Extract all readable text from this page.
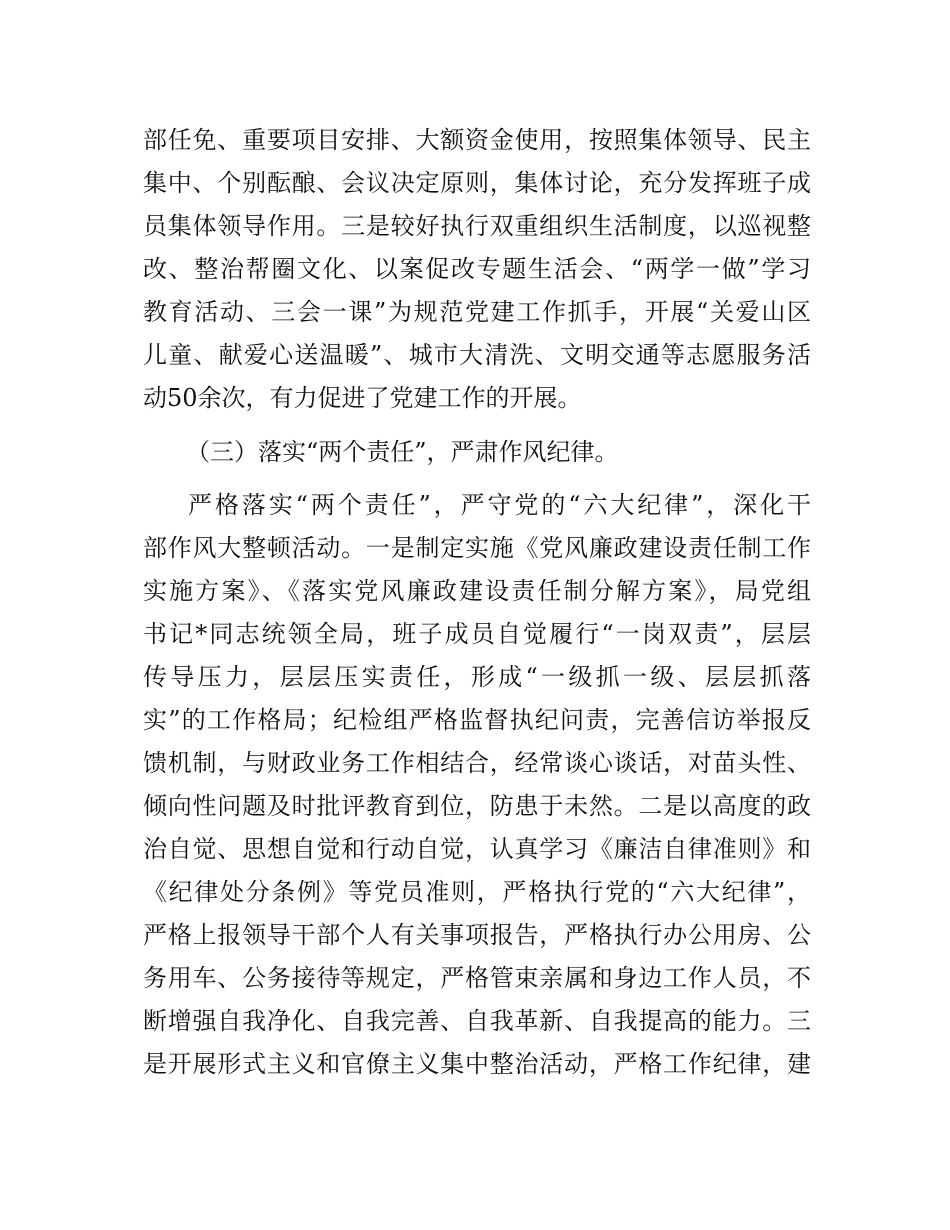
部任免、重要项目安排、大额资金使用，按照集体领导、民主
集中、个别酝酿、会议决定原则，集体讨论，充分发挥班子成
员集体领导作用。三是较好执行双重组织生活制度，以巡视整
改、整治帮圈文化、以案促改专题生活会、“两学一做”学习
教育活动、三会一课”为规范党建工作抓手，开展“关爱山区
儿童、献爱心送温暖”、城市大清洗、文明交通等志愿服务活
动50余次，有力促进了党建工作的开展。
（三）落实“两个责任”，严肃作风纪律。
严格落实“两个责任”，严守党的“六大纪律”，深化干
部作风大整顿活动。一是制定实施《党风廉政建设责任制工作
实施方案》、《落实党风廉政建设责任制分解方案》，局党组
书记*同志统领全局，班子成员自觉履行“一岗双责”，层层
传导压力，层层压实责任，形成“一级抓一级、层层抓落
实”的工作格局；纪检组严格监督执纪问责，完善信访举报反
馈机制，与财政业务工作相结合，经常谈心谈话，对苗头性、
倾向性问题及时批评教育到位，防患于未然。二是以高度的政
治自觉、思想自觉和行动自觉，认真学习《廉洁自律准则》和
《纪律处分条例》等党员准则，严格执行党的“六大纪律”，
严格上报领导干部个人有关事项报告，严格执行办公用房、公
务用车、公务接待等规定，严格管束亲属和身边工作人员，不
断增强自我净化、自我完善、自我革新、自我提高的能力。三
是开展形式主义和官僚主义集中整治活动，严格工作纪律，建
